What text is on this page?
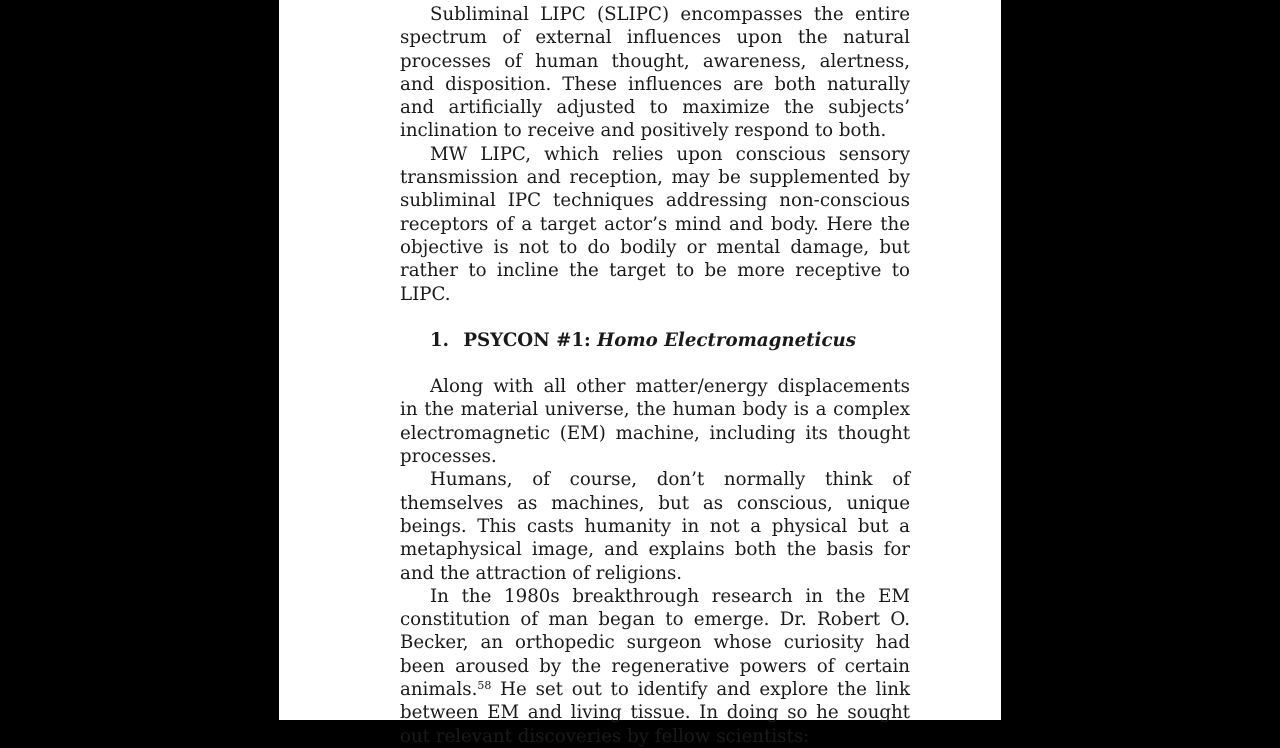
Subliminal LIPC (SLIPC) encompasses the entire spectrum of external influences upon the natural processes of human thought, awareness, alertness, and disposition. These influences are both naturally and artificially adjusted to maximize the subjects’ inclination to receive and positively respond to both.

MW LIPC, which relies upon conscious sensory transmission and reception, may be supplemented by subliminal IPC techniques addressing non-conscious receptors of a target actor’s mind and body. Here the objective is not to do bodily or mental damage, but rather to incline the target to be more receptive to LIPC.

1. PSYCON #1: Homo Electromagneticus

Along with all other matter/energy displacements in the material universe, the human body is a complex electromagnetic (EM) machine, including its thought processes.

Humans, of course, don’t normally think of themselves as machines, but as conscious, unique beings. This casts humanity in not a physical but a metaphysical image, and explains both the basis for and the attraction of religions.

In the 1980s breakthrough research in the EM constitution of man began to emerge. Dr. Robert O. Becker, an orthopedic surgeon whose curiosity had been aroused by the regenerative powers of certain animals.$^{58}$ He set out to identify and explore the link between EM and living tissue. In doing so he sought out relevant discoveries by fellow scientists:
